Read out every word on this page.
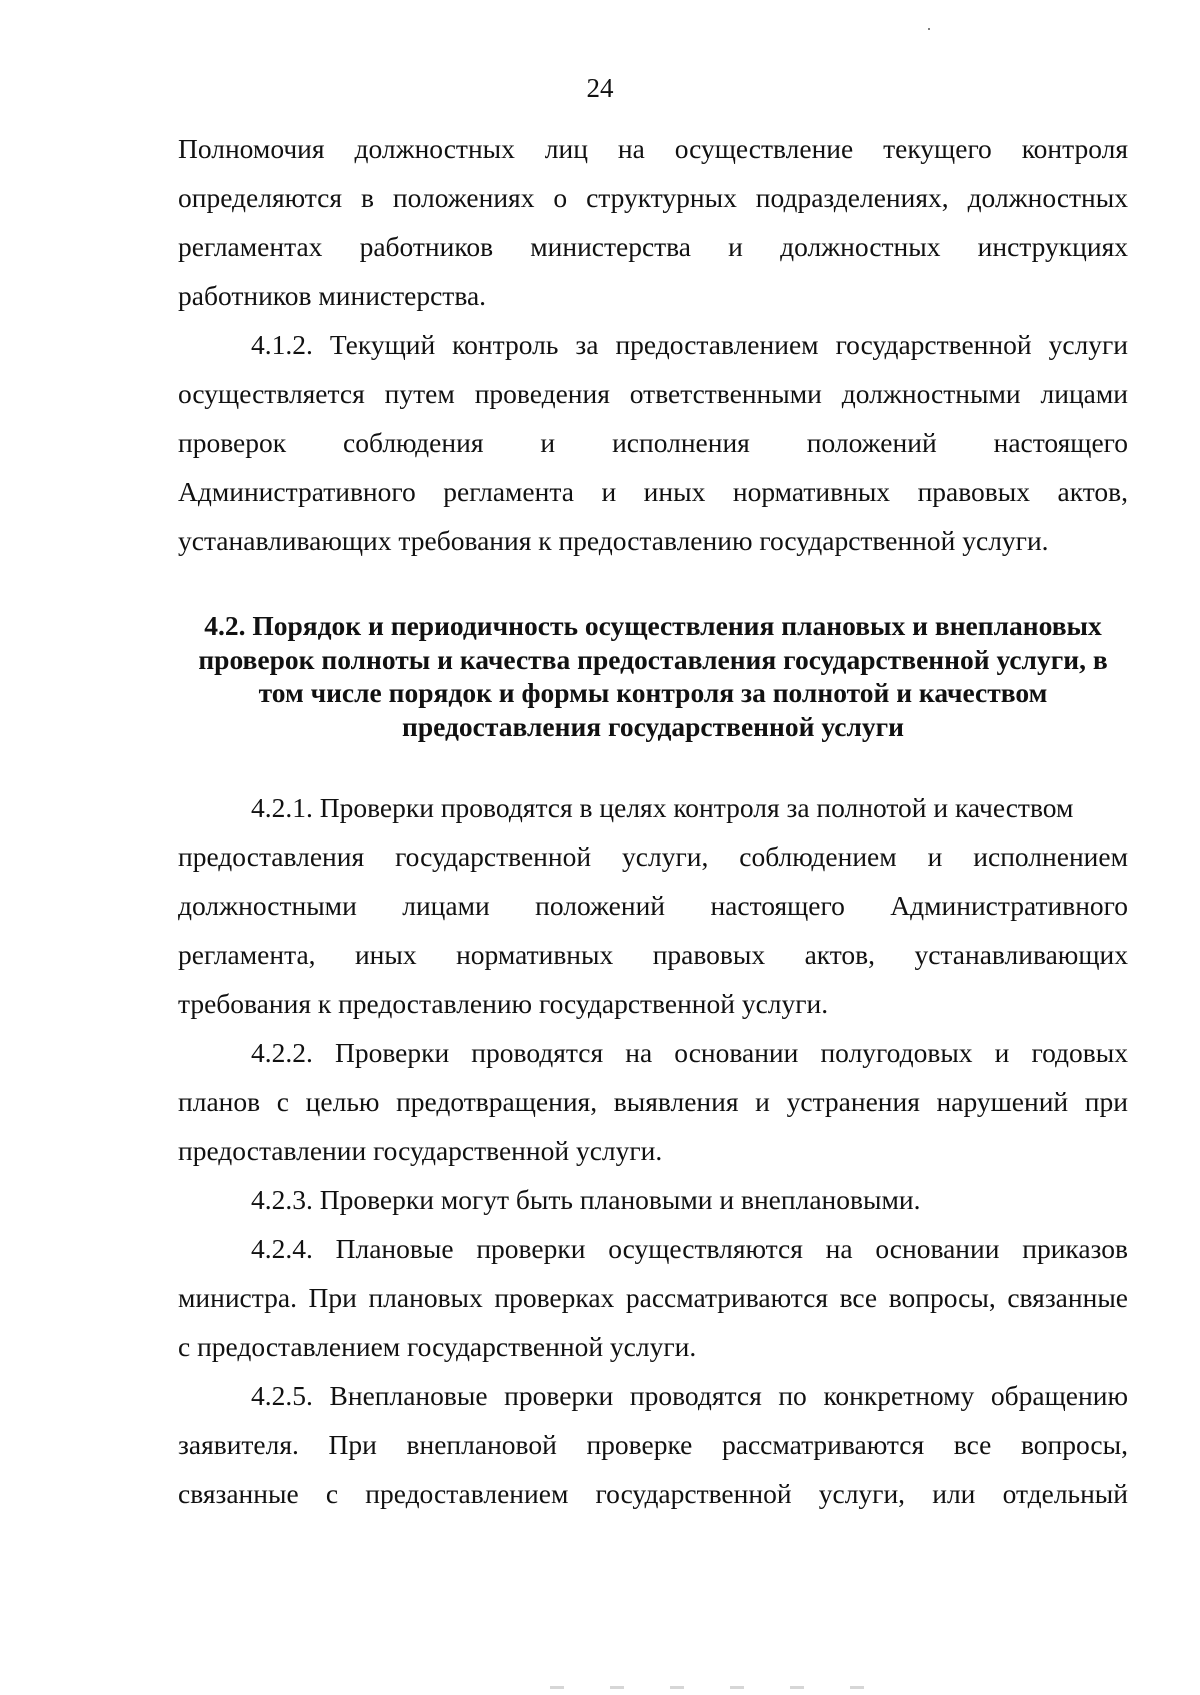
24
Полномочия должностных лиц на осуществление текущего контроля
определяются в положениях о структурных подразделениях, должностных
регламентах работников министерства и должностных инструкциях
работников министерства.
4.1.2. Текущий контроль за предоставлением государственной услуги
осуществляется путем проведения ответственными должностными лицами
проверок соблюдения и исполнения положений настоящего
Административного регламента и иных нормативных правовых актов,
устанавливающих требования к предоставлению государственной услуги.
4.2. Порядок и периодичность осуществления плановых и внеплановых
проверок полноты и качества предоставления государственной услуги, в
том числе порядок и формы контроля за полнотой и качеством
предоставления государственной услуги
4.2.1. Проверки проводятся в целях контроля за полнотой и качеством
предоставления государственной услуги, соблюдением и исполнением
должностными лицами положений настоящего Административного
регламента, иных нормативных правовых актов, устанавливающих
требования к предоставлению государственной услуги.
4.2.2. Проверки проводятся на основании полугодовых и годовых
планов с целью предотвращения, выявления и устранения нарушений при
предоставлении государственной услуги.
4.2.3. Проверки могут быть плановыми и внеплановыми.
4.2.4. Плановые проверки осуществляются на основании приказов
министра. При плановых проверках рассматриваются все вопросы, связанные
с предоставлением государственной услуги.
4.2.5. Внеплановые проверки проводятся по конкретному обращению
заявителя. При внеплановой проверке рассматриваются все вопросы,
связанные с предоставлением государственной услуги, или отдельный
